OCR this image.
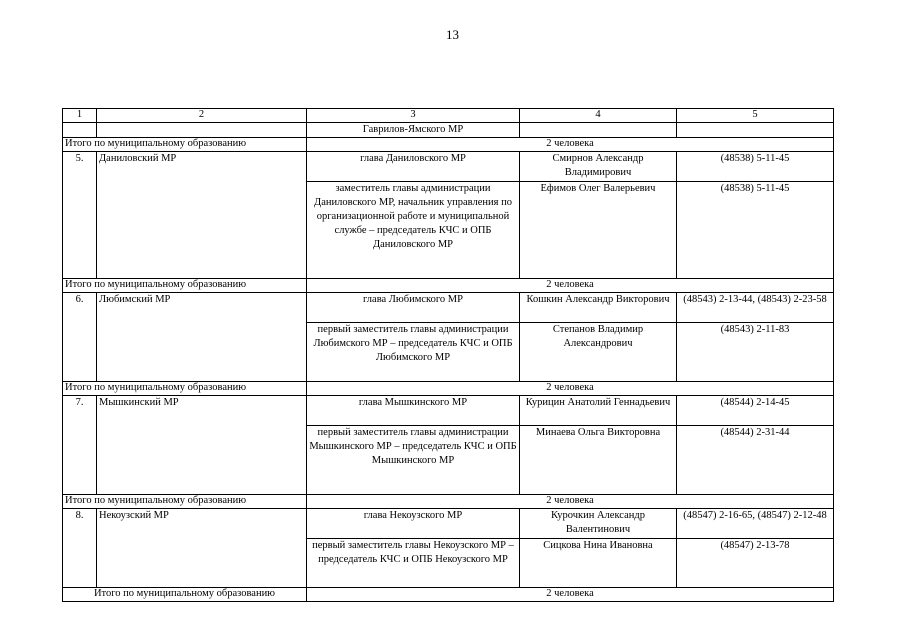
13
1	2	3	4	5
		Гаврилов-Ямского МР		
Итого по муниципальному образованию		2 человека		
5.	Даниловский МР	глава Даниловского МР	Смирнов Александр Владимирович	(48538) 5-11-45
		заместитель главы администрации Даниловского МР, начальник управления по организационной работе и муниципальной службе – председатель КЧС и ОПБ Даниловского МР	Ефимов Олег Валерьевич	(48538) 5-11-45
Итого по муниципальному образованию		2 человека		
6.	Любимский МР	глава Любимского МР	Кошкин Александр Викторович	(48543) 2-13-44, (48543) 2-23-58
		первый заместитель главы администрации Любимского МР – председатель КЧС и ОПБ Любимского МР	Степанов Владимир Александрович	(48543) 2-11-83
Итого по муниципальному образованию		2 человека		
7.	Мышкинский МР	глава Мышкинского МР	Курицин Анатолий Геннадьевич	(48544) 2-14-45
		первый заместитель главы администрации Мышкинского МР – председатель КЧС и ОПБ Мышкинского МР	Минаева Ольга Викторовна	(48544) 2-31-44
Итого по муниципальному образованию		2 человека		
8.	Некоузский МР	глава Некоузского МР	Курочкин Александр Валентинович	(48547) 2-16-65, (48547) 2-12-48
		первый заместитель главы Некоузского МР – председатель КЧС и ОПБ Некоузского МР	Сицкова Нина Ивановна	(48547) 2-13-78
Итого по муниципальному образованию		2 человека		
